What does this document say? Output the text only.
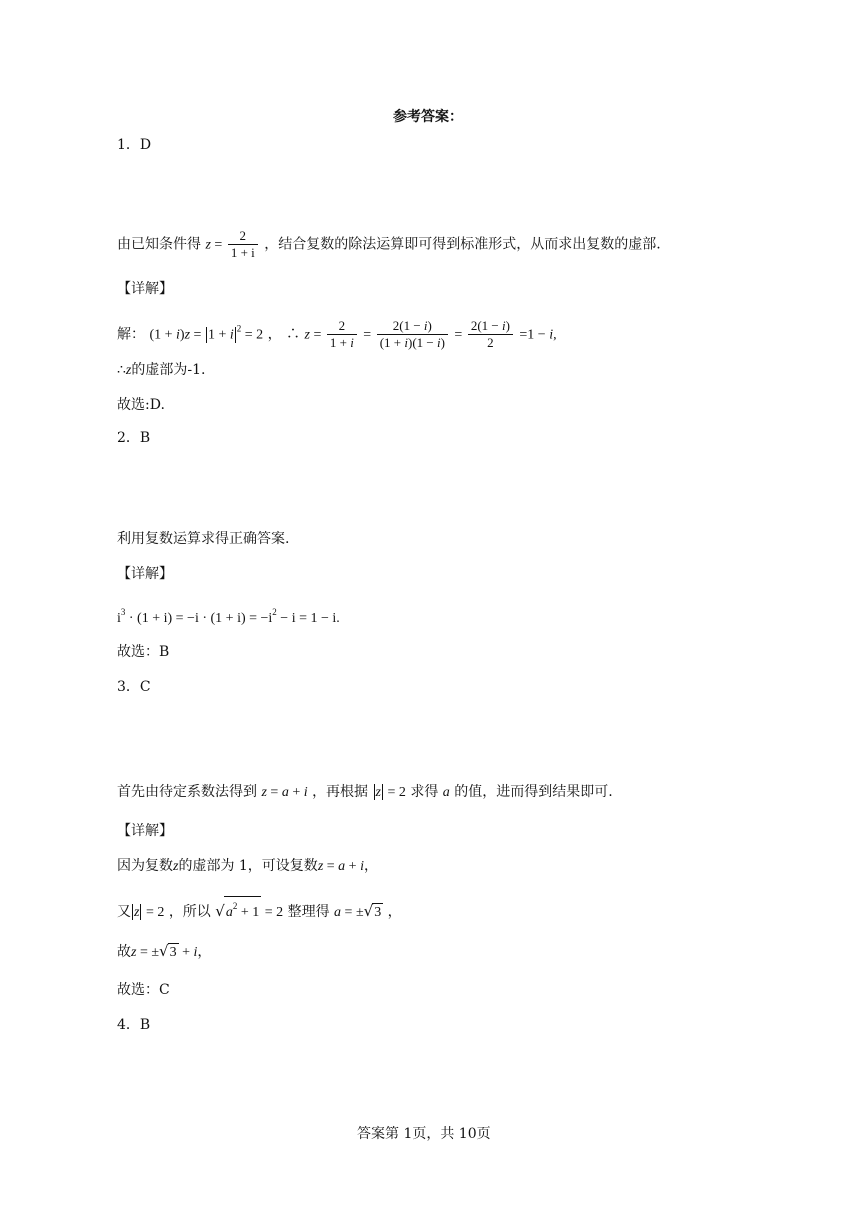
参考答案：
1．D
由已知条件得 $z = \frac{2}{1 + i}$ ，结合复数的除法运算即可得到标准形式，从而求出复数的虚部.
【详解】
解： (1 + i)z = 1 + i $^2$ = 2 ， ∴ $z = \frac{2}{1 + i} = \frac{2(1 - i)}{(1 + i)(1 - i)} = \frac{2(1 - i)}{2} =1 - i$,
∴z的虚部为-1.
故选:D.
2．B
利用复数运算求得正确答案.
【详解】
$i^3 \cdot (1 + i) = -i \cdot (1 + i) = -i^2 - i = 1 - i$.
故选：B
3．C
首先由待定系数法得到 z = a + i ，再根据 z = 2 求得 a 的值，进而得到结果即可.
【详解】
因为复数z的虚部为 1，可设复数z = a + i，
又 z = 2 ，所以 $√a^2 + 1 = 2$ 整理得 a = ±√3 ，
故z = ±√3 + i，
故选：C
4．B
答案第 1页，共 10页
